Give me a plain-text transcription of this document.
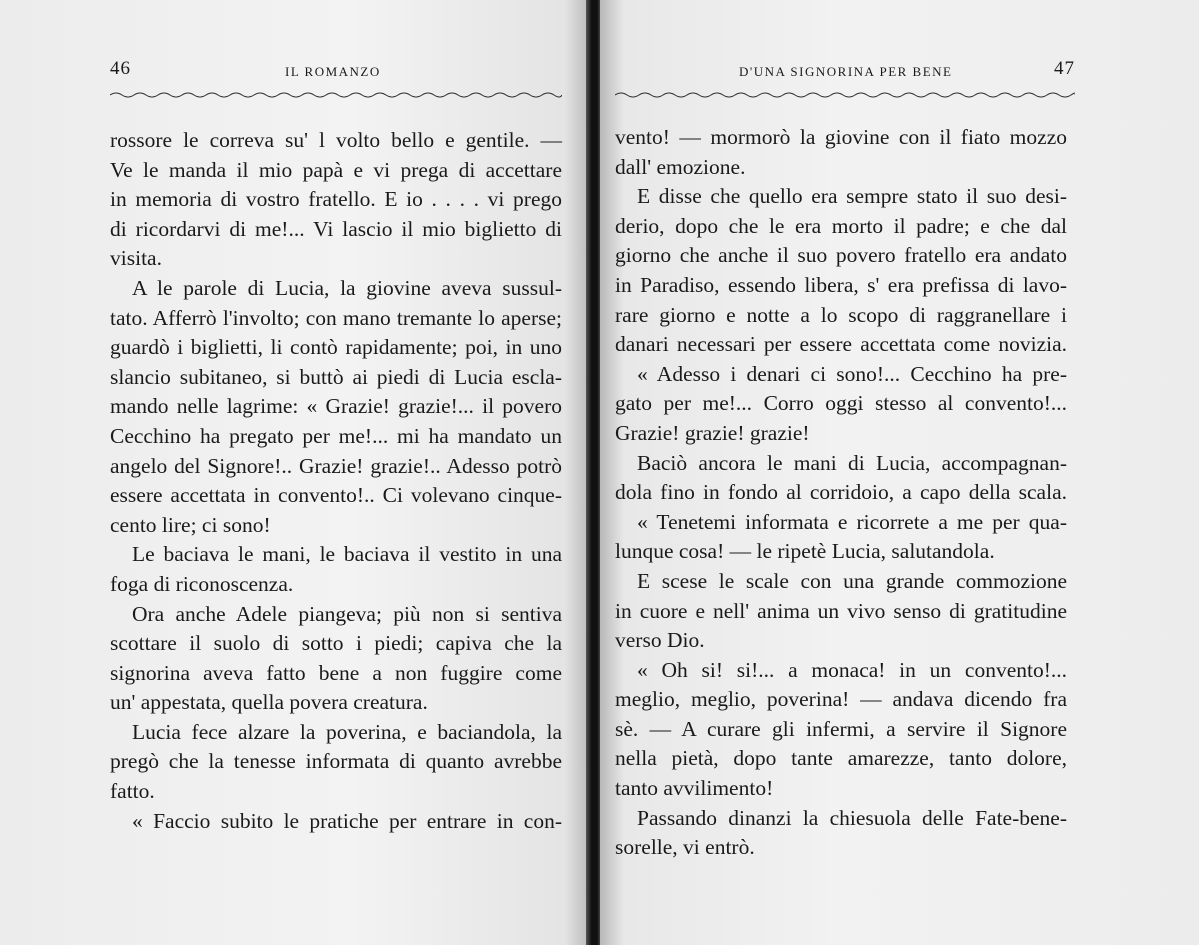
46	IL ROMANZO
rossore le correva su' l volto bello e gentile. —
Ve le manda il mio papà e vi prega di accettare
in memoria di vostro fratello. E io . . . . vi prego
di ricordarvi di me!... Vi lascio il mio biglietto di
visita.
A le parole di Lucia, la giovine aveva sussul-
tato. Afferrò l'involto; con mano tremante lo aperse;
guardò i biglietti, li contò rapidamente; poi, in uno
slancio subitaneo, si buttò ai piedi di Lucia escla-
mando nelle lagrime: « Grazie! grazie!... il povero
Cecchino ha pregato per me!... mi ha mandato un
angelo del Signore!.. Grazie! grazie!.. Adesso potrò
essere accettata in convento!.. Ci volevano cinque-
cento lire; ci sono!
Le baciava le mani, le baciava il vestito in una
foga di riconoscenza.
Ora anche Adele piangeva; più non si sentiva
scottare il suolo di sotto i piedi; capiva che la
signorina aveva fatto bene a non fuggire come
un' appestata, quella povera creatura.
Lucia fece alzare la poverina, e baciandola, la
pregò che la tenesse informata di quanto avrebbe
fatto.
« Faccio subito le pratiche per entrare in con-
D'UNA SIGNORINA PER BENE	47
vento! — mormorò la giovine con il fiato mozzo
dall' emozione.
E disse che quello era sempre stato il suo desi-
derio, dopo che le era morto il padre; e che dal
giorno che anche il suo povero fratello era andato
in Paradiso, essendo libera, s' era prefissa di lavo-
rare giorno e notte a lo scopo di raggranellare i
danari necessari per essere accettata come novizia.
« Adesso i denari ci sono!... Cecchino ha pre-
gato per me!... Corro oggi stesso al convento!...
Grazie! grazie! grazie!
Baciò ancora le mani di Lucia, accompagnan-
dola fino in fondo al corridoio, a capo della scala.
« Tenetemi informata e ricorrete a me per qua-
lunque cosa! — le ripetè Lucia, salutandola.
E scese le scale con una grande commozione
in cuore e nell' anima un vivo senso di gratitudine
verso Dio.
« Oh si! si!... a monaca! in un convento!...
meglio, meglio, poverina! — andava dicendo fra
sè. — A curare gli infermi, a servire il Signore
nella pietà, dopo tante amarezze, tanto dolore,
tanto avvilimento!
Passando dinanzi la chiesuola delle Fate-bene-
sorelle, vi entrò.
